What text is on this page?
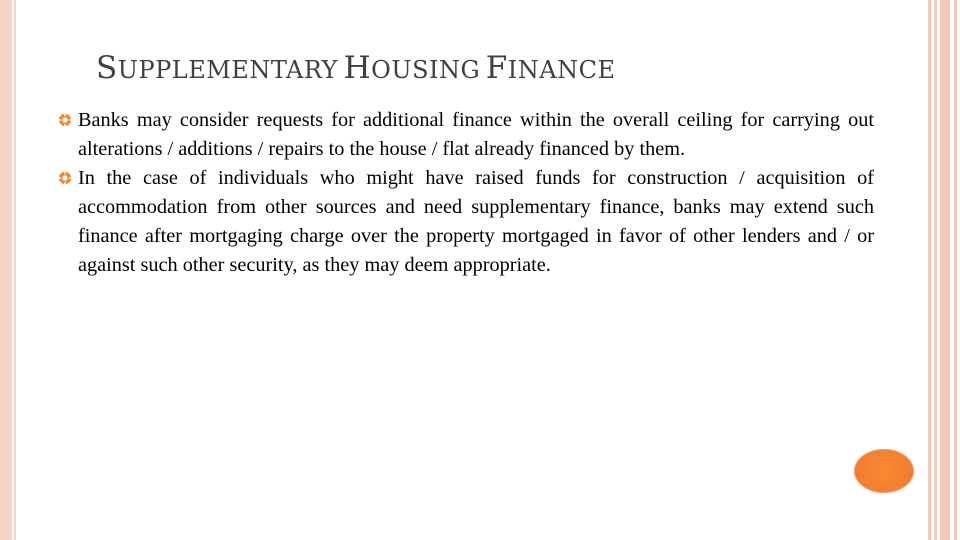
SUPPLEMENTARY HOUSING FINANCE
Banks may consider requests for additional finance within the overall ceiling for carrying out alterations / additions / repairs to the house / flat already financed by them.
In the case of individuals who might have raised funds for construction / acquisition of accommodation from other sources and need supplementary finance, banks may extend such finance after mortgaging charge over the property mortgaged in favor of other lenders and / or against such other security, as they may deem appropriate.
